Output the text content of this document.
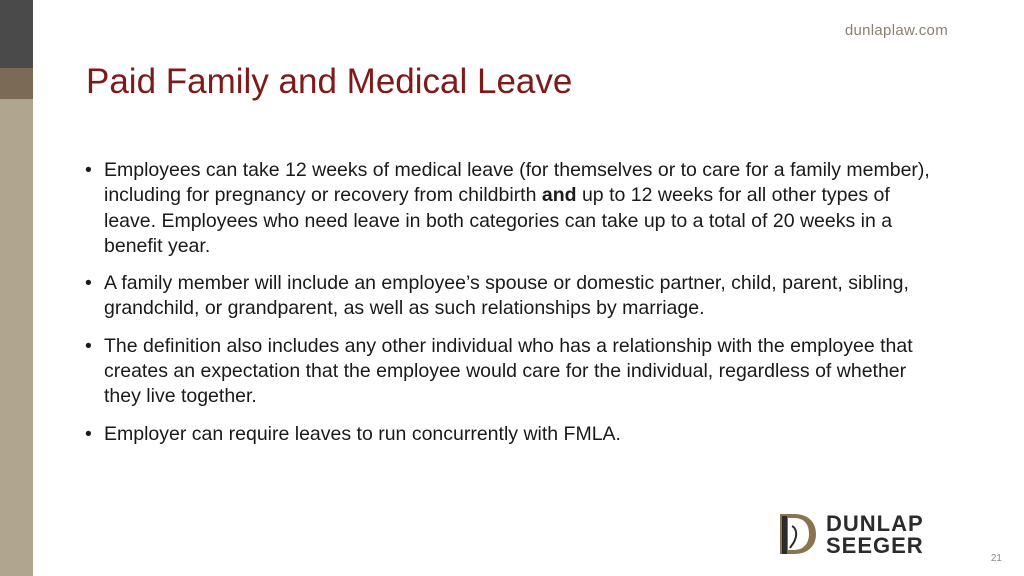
dunlaplaw.com
Paid Family and Medical Leave
• Employees can take 12 weeks of medical leave (for themselves or to care for a family member), including for pregnancy or recovery from childbirth and up to 12 weeks for all other types of leave. Employees who need leave in both categories can take up to a total of 20 weeks in a benefit year.
• A family member will include an employee’s spouse or domestic partner, child, parent, sibling, grandchild, or grandparent, as well as such relationships by marriage.
• The definition also includes any other individual who has a relationship with the employee that creates an expectation that the employee would care for the individual, regardless of whether they live together.
• Employer can require leaves to run concurrently with FMLA.
DUNLAP
SEEGER
21
